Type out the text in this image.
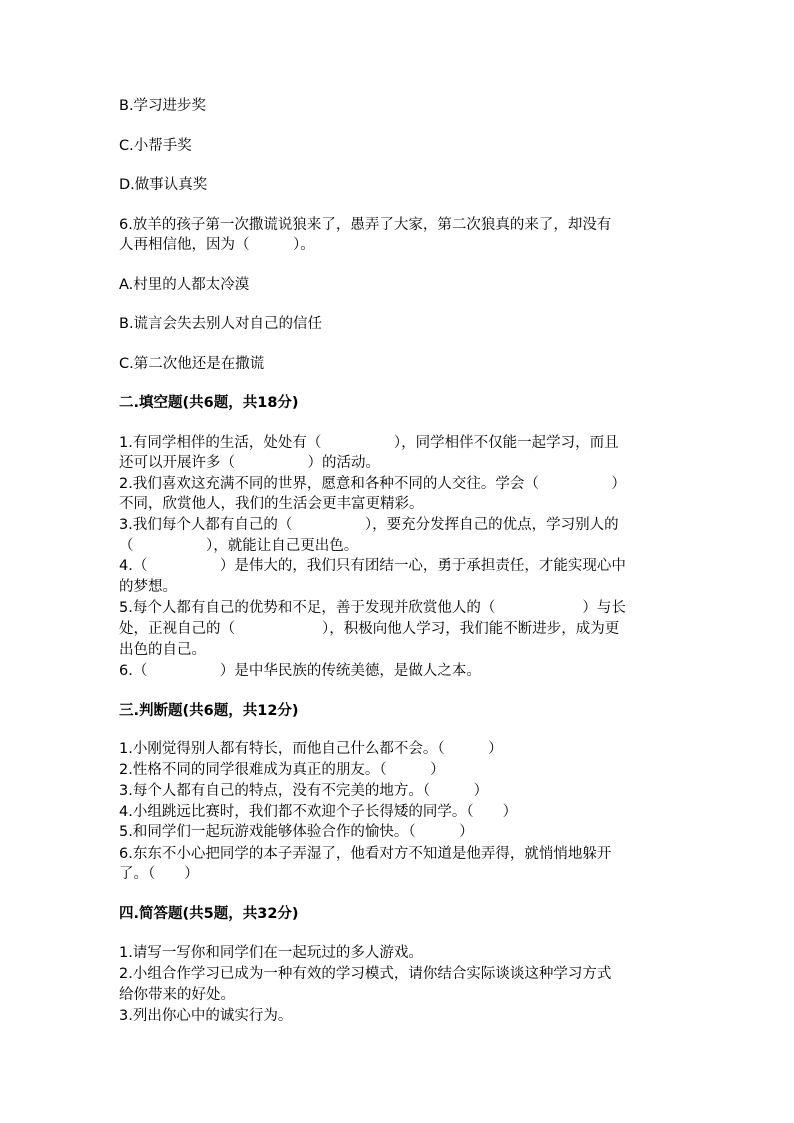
B.学习进步奖
C.小帮手奖
D.做事认真奖
6.放羊的孩子第一次撒谎说狼来了，愚弄了大家，第二次狼真的来了，却没有
人再相信他，因为（　　　）。
A.村里的人都太冷漠
B.谎言会失去别人对自己的信任
C.第二次他还是在撒谎
二.填空题(共6题，共18分)
1.有同学相伴的生活，处处有（　　　　　），同学相伴不仅能一起学习，而且
还可以开展许多（　　　　　）的活动。
2.我们喜欢这充满不同的世界，愿意和各种不同的人交往。学会（　　　　　）
不同，欣赏他人，我们的生活会更丰富更精彩。
3.我们每个人都有自己的（　　　　　），要充分发挥自己的优点，学习别人的
（　　　　　），就能让自己更出色。
4.（　　　　　）是伟大的，我们只有团结一心，勇于承担责任，才能实现心中
的梦想。
5.每个人都有自己的优势和不足，善于发现并欣赏他人的（　　　　　　）与长
处，正视自己的（　　　　　　），积极向他人学习，我们能不断进步，成为更
出色的自己。
6.（　　　　　）是中华民族的传统美德，是做人之本。
三.判断题(共6题，共12分)
1.小刚觉得别人都有特长，而他自己什么都不会。（　　　）
2.性格不同的同学很难成为真正的朋友。（　　　）
3.每个人都有自己的特点，没有不完美的地方。（　　　）
4.小组跳远比赛时，我们都不欢迎个子长得矮的同学。（　　）
5.和同学们一起玩游戏能够体验合作的愉快。（　　　）
6.东东不小心把同学的本子弄湿了，他看对方不知道是他弄得，就悄悄地躲开
了。（　　）
四.简答题(共5题，共32分)
1.请写一写你和同学们在一起玩过的多人游戏。
2.小组合作学习已成为一种有效的学习模式，请你结合实际谈谈这种学习方式
给你带来的好处。
3.列出你心中的诚实行为。
